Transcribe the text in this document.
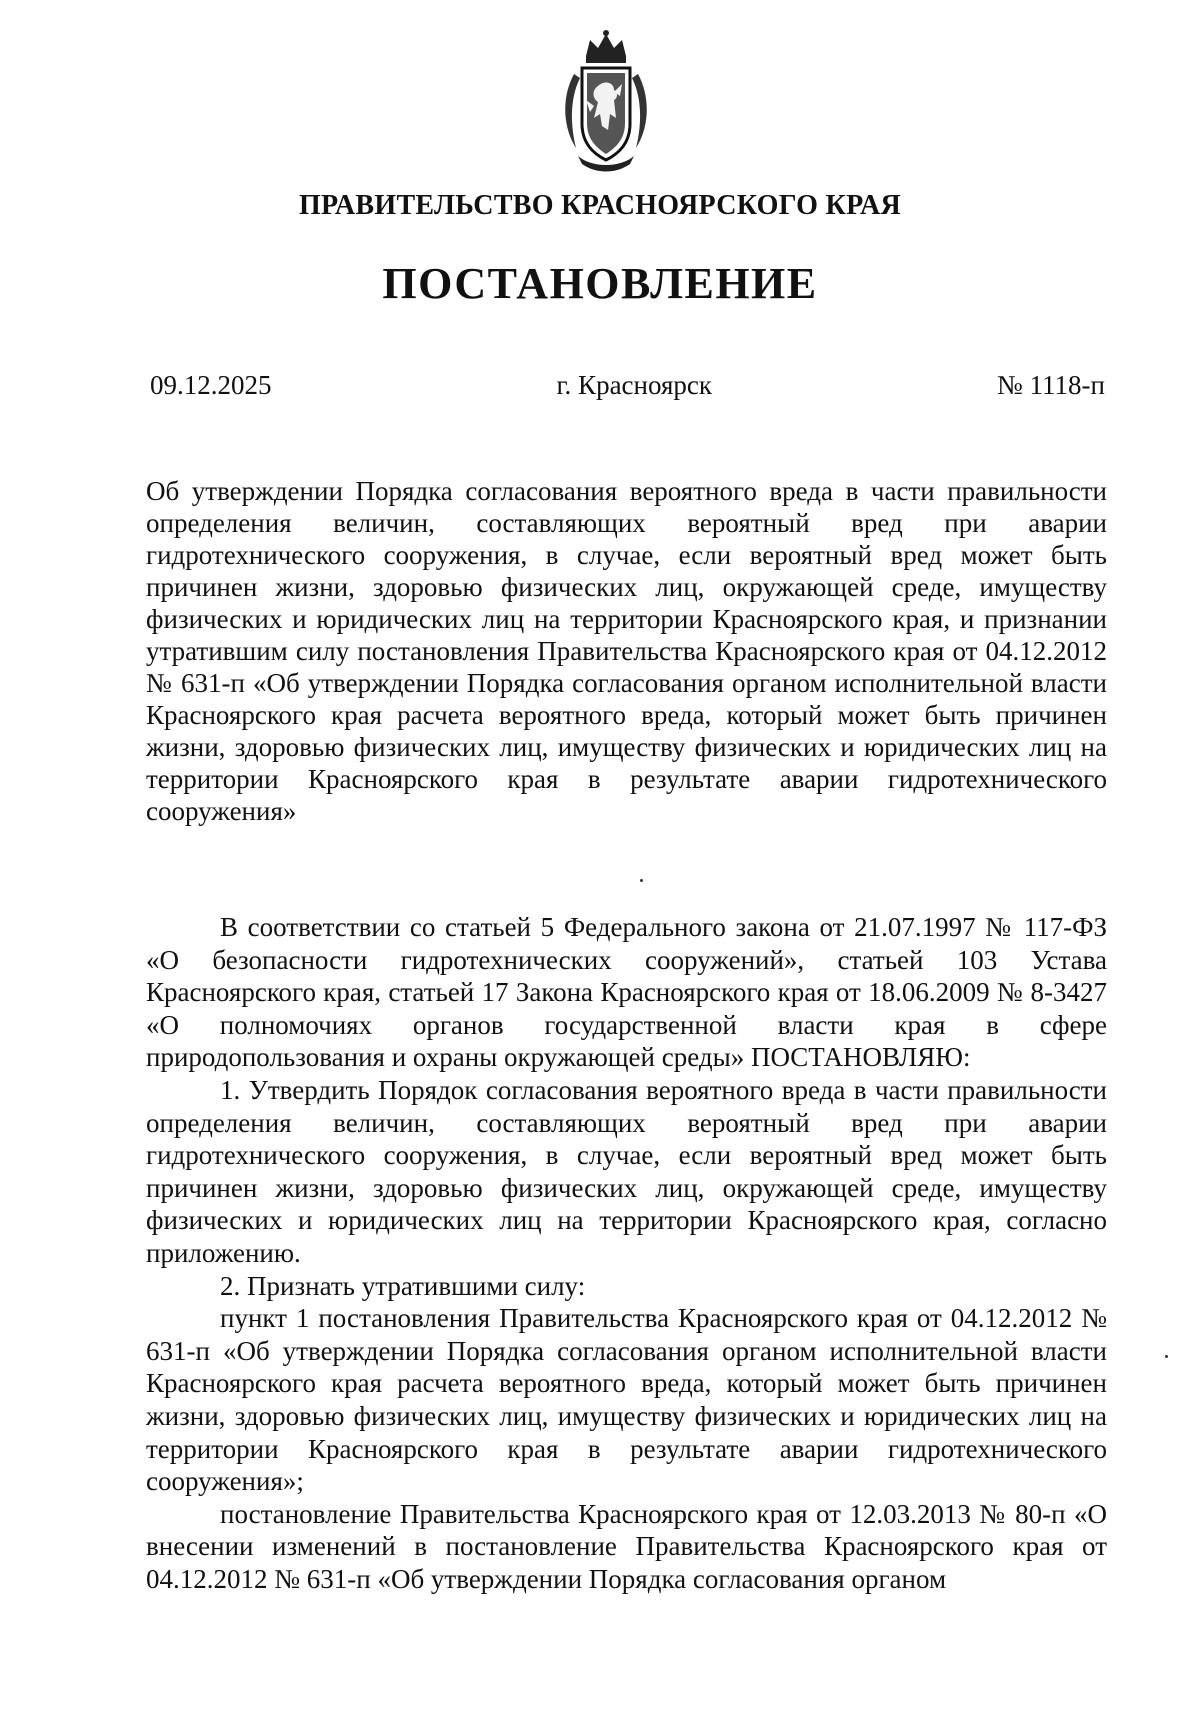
ПРАВИТЕЛЬСТВО КРАСНОЯРСКОГО КРАЯ
ПОСТАНОВЛЕНИЕ
09.12.2025	г. Красноярск	№ 1118-п
Об утверждении Порядка согласования вероятного вреда в части правильности определения величин, составляющих вероятный вред при аварии гидротехнического сооружения, в случае, если вероятный вред может быть причинен жизни, здоровью физических лиц, окружающей среде, имуществу физических и юридических лиц на территории Красноярского края, и признании утратившим силу постановления Правительства Красноярского края от 04.12.2012 № 631-п «Об утверждении Порядка согласования органом исполнительной власти Красноярского края расчета вероятного вреда, который может быть причинен жизни, здоровью физических лиц, имуществу физических и юридических лиц на территории Красноярского края в результате аварии гидротехнического сооружения»

В соответствии со статьей 5 Федерального закона от 21.07.1997 № 117-ФЗ «О безопасности гидротехнических сооружений», статьей 103 Устава Красноярского края, статьей 17 Закона Красноярского края от 18.06.2009 № 8-3427 «О полномочиях органов государственной власти края в сфере природопользования и охраны окружающей среды» ПОСТАНОВЛЯЮ:

1. Утвердить Порядок согласования вероятного вреда в части правильности определения величин, составляющих вероятный вред при аварии гидротехнического сооружения, в случае, если вероятный вред может быть причинен жизни, здоровью физических лиц, окружающей среде, имуществу физических и юридических лиц на территории Красноярского края, согласно приложению.

2. Признать утратившими силу:

пункт 1 постановления Правительства Красноярского края от 04.12.2012 № 631-п «Об утверждении Порядка согласования органом исполнительной власти Красноярского края расчета вероятного вреда, который может быть причинен жизни, здоровью физических лиц, имуществу физических и юридических лиц на территории Красноярского края в результате аварии гидротехнического сооружения»;

постановление Правительства Красноярского края от 12.03.2013 № 80-п «О внесении изменений в постановление Правительства Красноярского края от 04.12.2012 № 631-п «Об утверждении Порядка согласования органом
